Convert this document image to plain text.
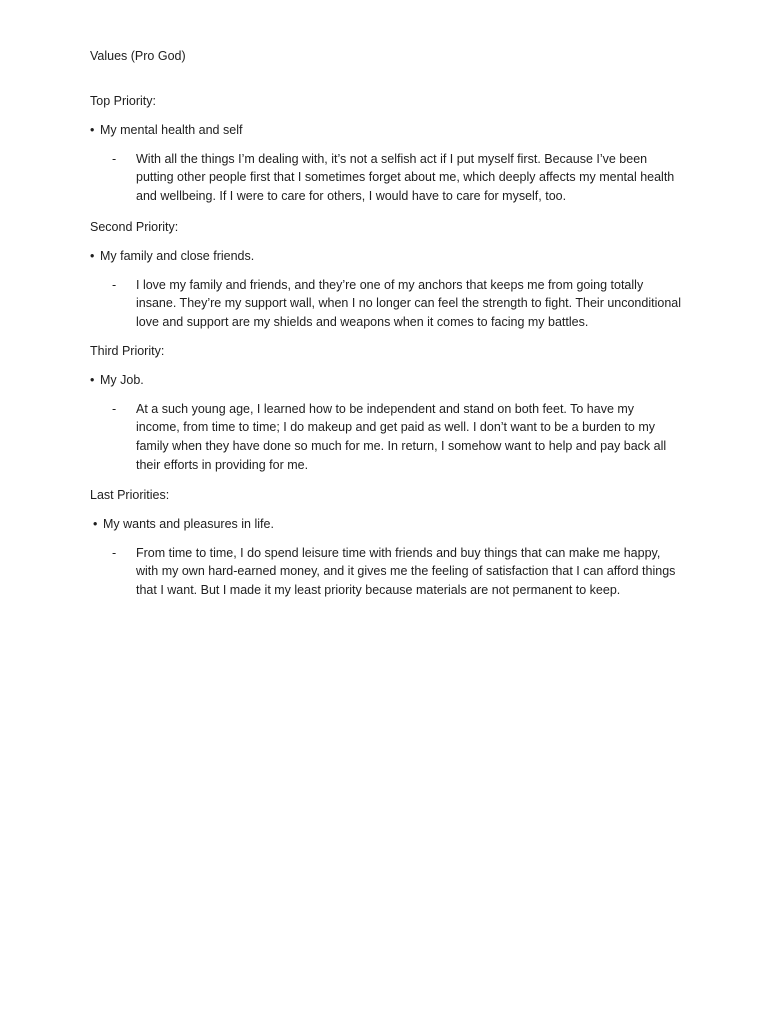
Values (Pro God)
Top Priority:
• My mental health and self
-	With all the things I’m dealing with, it’s not a selfish act if I put myself first. Because I’ve been putting other people first that I sometimes forget about me, which deeply affects my mental health and wellbeing. If I were to care for others, I would have to care for myself, too.
Second Priority:
• My family and close friends.
-	I love my family and friends, and they’re one of my anchors that keeps me from going totally insane. They’re my support wall, when I no longer can feel the strength to fight. Their unconditional love and support are my shields and weapons when it comes to facing my battles.
Third Priority:
• My Job.
-	At a such young age, I learned how to be independent and stand on both feet. To have my income, from time to time; I do makeup and get paid as well. I don’t want to be a burden to my family when they have done so much for me. In return, I somehow want to help and pay back all their efforts in providing for me.
Last Priorities:
• My wants and pleasures in life.
-	From time to time, I do spend leisure time with friends and buy things that can make me happy, with my own hard-earned money, and it gives me the feeling of satisfaction that I can afford things that I want. But I made it my least priority because materials are not permanent to keep.
